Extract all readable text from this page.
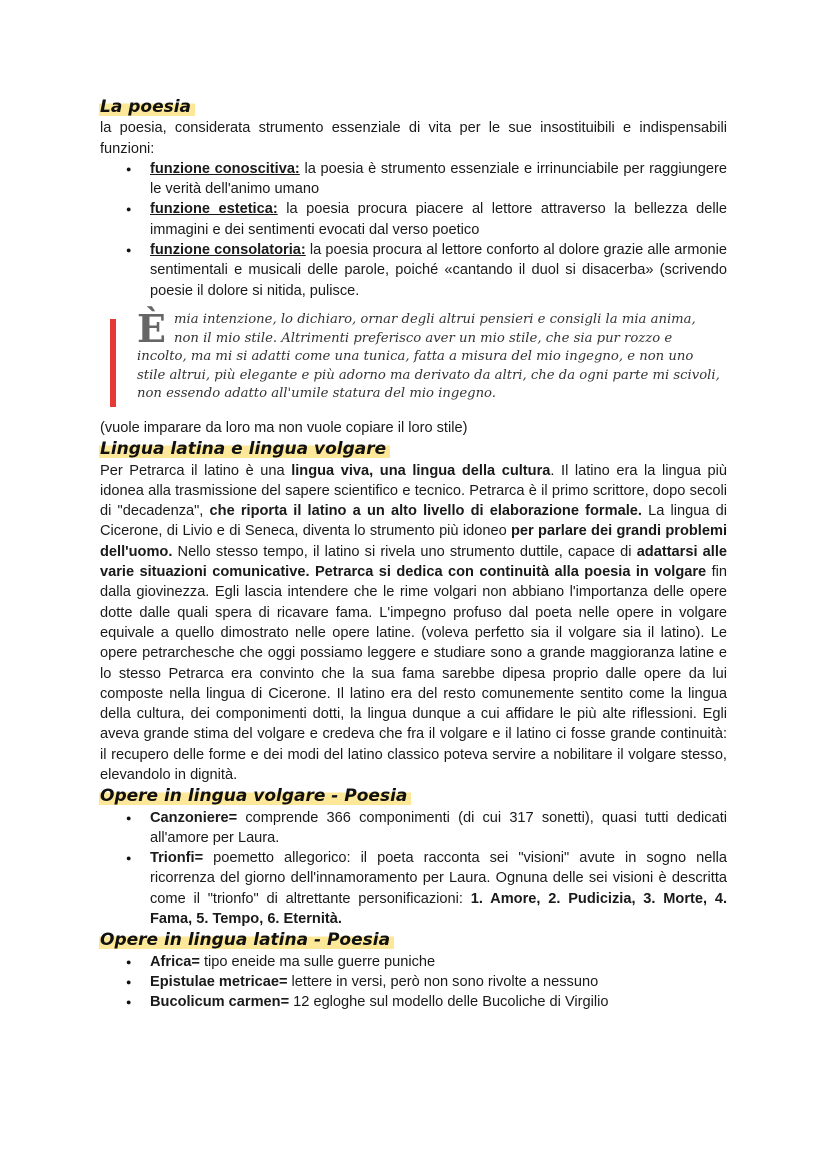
La poesia

la poesia, considerata strumento essenziale di vita per le sue insostituibili e indispensabili funzioni:

● funzione conoscitiva: la poesia è strumento essenziale e irrinunciabile per raggiungere le verità dell'animo umano
● funzione estetica: la poesia procura piacere al lettore attraverso la bellezza delle immagini e dei sentimenti evocati dal verso poetico
● funzione consolatoria: la poesia procura al lettore conforto al dolore grazie alle armonie sentimentali e musicali delle parole, poiché «cantando il duol si disacerba» (scrivendo poesie il dolore si nitida, pulisce.
Èmia intenzione, lo dichiaro, ornar degli altrui pensieri e consigli la mia anima, non il mio stile. Altrimenti preferisco aver un mio stile, che sia pur rozzo e incolto, ma mi si adatti come una tunica, fatta a misura del mio ingegno, e non uno stile altrui, più elegante e più adorno ma derivato da altri, che da ogni parte mi scivoli, non essendo adatto all'umile statura del mio ingegno.

(vuole imparare da loro ma non vuole copiare il loro stile)

Lingua latina e lingua volgare

Per Petrarca il latino è una lingua viva, una lingua della cultura. Il latino era la lingua più idonea alla trasmissione del sapere scientifico e tecnico. Petrarca è il primo scrittore, dopo secoli di "decadenza", che riporta il latino a un alto livello di elaborazione formale. La lingua di Cicerone, di Livio e di Seneca, diventa lo strumento più idoneo per parlare dei grandi problemi dell'uomo. Nello stesso tempo, il latino si rivela uno strumento duttile, capace di adattarsi alle varie situazioni comunicative. Petrarca si dedica con continuità alla poesia in volgare fin dalla giovinezza. Egli lascia intendere che le rime volgari non abbiano l'importanza delle opere dotte dalle quali spera di ricavare fama. L'impegno profuso dal poeta nelle opere in volgare equivale a quello dimostrato nelle opere latine. (voleva perfetto sia il volgare sia il latino). Le opere petrarchesche che oggi possiamo leggere e studiare sono a grande maggioranza latine e lo stesso Petrarca era convinto che la sua fama sarebbe dipesa proprio dalle opere da lui composte nella lingua di Cicerone. Il latino era del resto comunemente sentito come la lingua della cultura, dei componimenti dotti, la lingua dunque a cui affidare le più alte riflessioni. Egli aveva grande stima del volgare e credeva che fra il volgare e il latino ci fosse grande continuità: il recupero delle forme e dei modi del latino classico poteva servire a nobilitare il volgare stesso, elevandolo in dignità.

Opere in lingua volgare - Poesia
● Canzoniere= comprende 366 componimenti (di cui 317 sonetti), quasi tutti dedicati all'amore per Laura.
● Trionfi= poemetto allegorico: il poeta racconta sei "visioni" avute in sogno nella ricorrenza del giorno dell'innamoramento per Laura. Ognuna delle sei visioni è descritta come il "trionfo" di altrettante personificazioni: 1. Amore, 2. Pudicizia, 3. Morte, 4. Fama, 5. Tempo, 6. Eternità.
Opere in lingua latina - Poesia
● Africa= tipo eneide ma sulle guerre puniche
● Epistulae metricae= lettere in versi, però non sono rivolte a nessuno
● Bucolicum carmen= 12 egloghe sul modello delle Bucoliche di Virgilio
